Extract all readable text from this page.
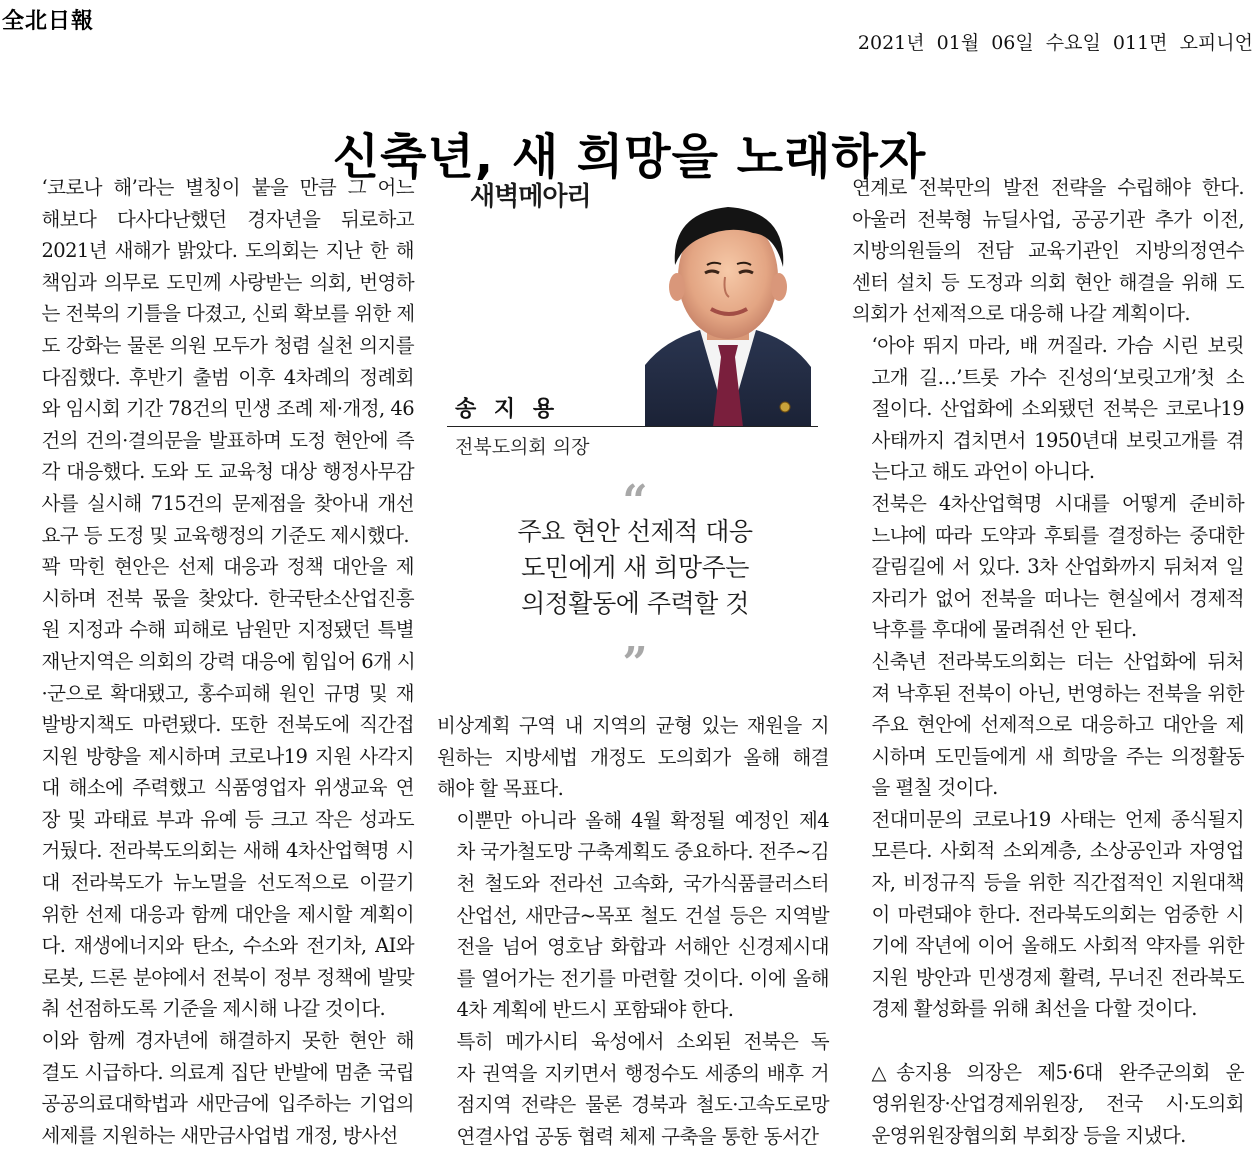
全北日報
2021년 01월 06일 수요일 011면 오피니언
신축년, 새 희망을 노래하자

‘코로나 해’라는 별칭이 붙을 만큼 그 어느
해보다 다사다난했던 경자년을 뒤로하고
2021년 새해가 밝았다. 도의회는 지난 한 해
책임과 의무로 도민께 사랑받는 의회, 번영하
는 전북의 기틀을 다졌고, 신뢰 확보를 위한 제
도 강화는 물론 의원 모두가 청렴 실천 의지를
다짐했다. 후반기 출범 이후 4차례의 정례회
와 임시회 기간 78건의 민생 조례 제·개정, 46
건의 건의·결의문을 발표하며 도정 현안에 즉
각 대응했다. 도와 도 교육청 대상 행정사무감
사를 실시해 715건의 문제점을 찾아내 개선
요구 등 도정 및 교육행정의 기준도 제시했다.

꽉 막힌 현안은 선제 대응과 정책 대안을 제
시하며 전북 몫을 찾았다. 한국탄소산업진흥
원 지정과 수해 피해로 남원만 지정됐던 특별
재난지역은 의회의 강력 대응에 힘입어 6개 시
·군으로 확대됐고, 홍수피해 원인 규명 및 재
발방지책도 마련됐다. 또한 전북도에 직간접
지원 방향을 제시하며 코로나19 지원 사각지
대 해소에 주력했고 식품영업자 위생교육 연
장 및 과태료 부과 유예 등 크고 작은 성과도
거뒀다. 전라북도의회는 새해 4차산업혁명 시
대 전라북도가 뉴노멀을 선도적으로 이끌기
위한 선제 대응과 함께 대안을 제시할 계획이
다. 재생에너지와 탄소, 수소와 전기차, AI와
로봇, 드론 분야에서 전북이 정부 정책에 발맞
춰 선점하도록 기준을 제시해 나갈 것이다.

이와 함께 경자년에 해결하지 못한 현안 해
결도 시급하다. 의료계 집단 반발에 멈춘 국립
공공의료대학법과 새만금에 입주하는 기업의
세제를 지원하는 새만금사업법 개정, 방사선

비상계획 구역 내 지역의 균형 있는 재원을 지
원하는 지방세법 개정도 도의회가 올해 해결
해야 할 목표다.

이뿐만 아니라 올해 4월 확정될 예정인 제4
차 국가철도망 구축계획도 중요하다. 전주~김
천 철도와 전라선 고속화, 국가식품클러스터
산업선, 새만금~목포 철도 건설 등은 지역발
전을 넘어 영호남 화합과 서해안 신경제시대
를 열어가는 전기를 마련할 것이다. 이에 올해
4차 계획에 반드시 포함돼야 한다.

특히 메가시티 육성에서 소외된 전북은 독
자 권역을 지키면서 행정수도 세종의 배후 거
점지역 전략은 물론 경북과 철도·고속도로망
연결사업 공동 협력 체제 구축을 통한 동서간

연계로 전북만의 발전 전략을 수립해야 한다.
아울러 전북형 뉴딜사업, 공공기관 추가 이전,
지방의원들의 전담 교육기관인 지방의정연수
센터 설치 등 도정과 의회 현안 해결을 위해 도
의회가 선제적으로 대응해 나갈 계획이다.

‘아야 뛰지 마라, 배 꺼질라. 가슴 시린 보릿
고개 길…’트롯 가수 진성의‘보릿고개’첫 소
절이다. 산업화에 소외됐던 전북은 코로나19
사태까지 겹치면서 1950년대 보릿고개를 겪
는다고 해도 과언이 아니다.

전북은 4차산업혁명 시대를 어떻게 준비하
느냐에 따라 도약과 후퇴를 결정하는 중대한
갈림길에 서 있다. 3차 산업화까지 뒤처져 일
자리가 없어 전북을 떠나는 현실에서 경제적
낙후를 후대에 물려줘선 안 된다.

신축년 전라북도의회는 더는 산업화에 뒤처
져 낙후된 전북이 아닌, 번영하는 전북을 위한
주요 현안에 선제적으로 대응하고 대안을 제
시하며 도민들에게 새 희망을 주는 의정활동
을 펼칠 것이다.

전대미문의 코로나19 사태는 언제 종식될지
모른다. 사회적 소외계층, 소상공인과 자영업
자, 비정규직 등을 위한 직간접적인 지원대책
이 마련돼야 한다. 전라북도의회는 엄중한 시
기에 작년에 이어 올해도 사회적 약자를 위한
지원 방안과 민생경제 활력, 무너진 전라북도
경제 활성화를 위해 최선을 다할 것이다.

△송지용 의장은 제5·6대 완주군의회 운
영위원장·산업경제위원장, 전국 시·도의회
운영위원장협의회 부회장 등을 지냈다.

새벽메아리
송 지 용
전북도의회 의장
“
주요 현안 선제적 대응
도민에게 새 희망주는
의정활동에 주력할 것
”
